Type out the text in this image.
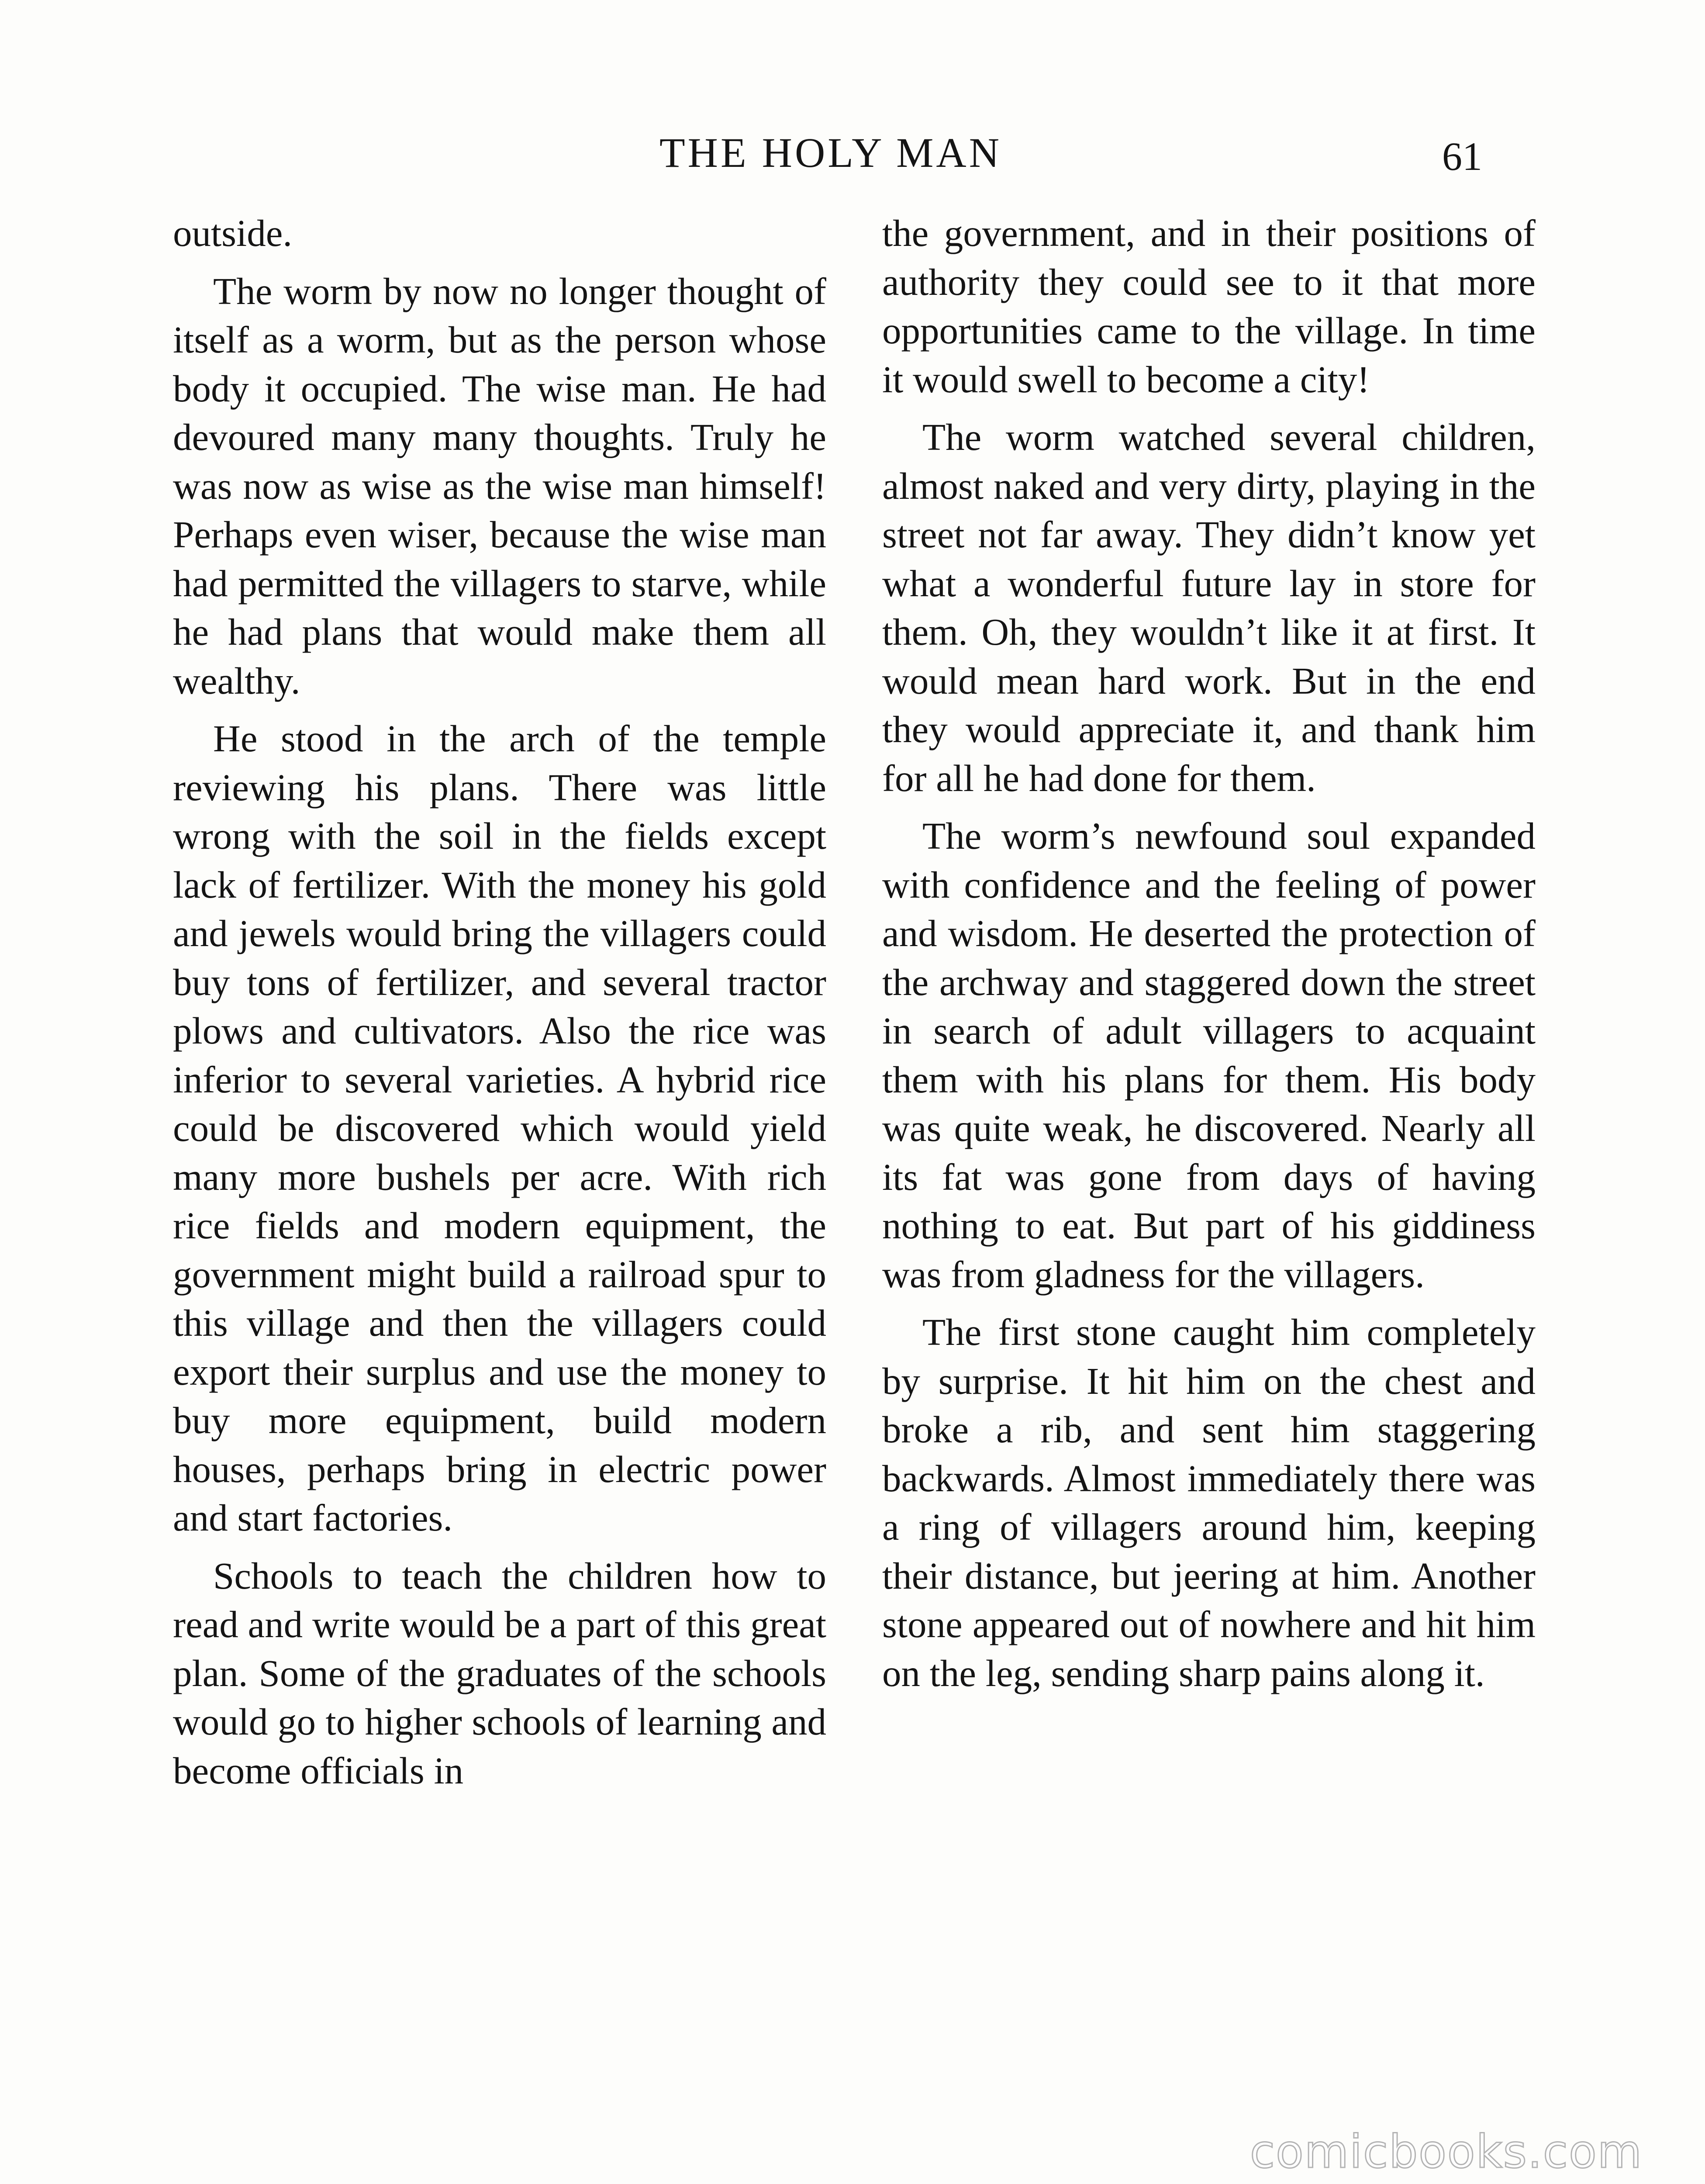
THE HOLY MAN	61

outside.

The worm by now no longer thought of itself as a worm, but as the person whose body it occupied. The wise man. He had devoured many many thoughts. Truly he was now as wise as the wise man himself! Perhaps even wiser, because the wise man had permitted the villagers to starve, while he had plans that would make them all wealthy.

He stood in the arch of the temple reviewing his plans. There was little wrong with the soil in the fields except lack of fertilizer. With the money his gold and jewels would bring the villagers could buy tons of fertilizer, and several tractor plows and cultivators. Also the rice was inferior to several varieties. A hybrid rice could be discovered which would yield many more bushels per acre. With rich rice fields and modern equipment, the government might build a railroad spur to this village and then the villagers could export their surplus and use the money to buy more equipment, build modern houses, perhaps bring in electric power and start factories.

Schools to teach the children how to read and write would be a part of this great plan. Some of the graduates of the schools would go to higher schools of learning and become officials in

the government, and in their positions of authority they could see to it that more opportunities came to the village. In time it would swell to become a city!

The worm watched several children, almost naked and very dirty, playing in the street not far away. They didn’t know yet what a wonderful future lay in store for them. Oh, they wouldn’t like it at first. It would mean hard work. But in the end they would appreciate it, and thank him for all he had done for them.

The worm’s newfound soul expanded with confidence and the feeling of power and wisdom. He deserted the protection of the archway and staggered down the street in search of adult villagers to acquaint them with his plans for them. His body was quite weak, he discovered. Nearly all its fat was gone from days of having nothing to eat. But part of his giddiness was from gladness for the villagers.

The first stone caught him completely by surprise. It hit him on the chest and broke a rib, and sent him staggering backwards. Almost immediately there was a ring of villagers around him, keeping their distance, but jeering at him. Another stone appeared out of nowhere and hit him on the leg, sending sharp pains along it.

comicbooks.com
